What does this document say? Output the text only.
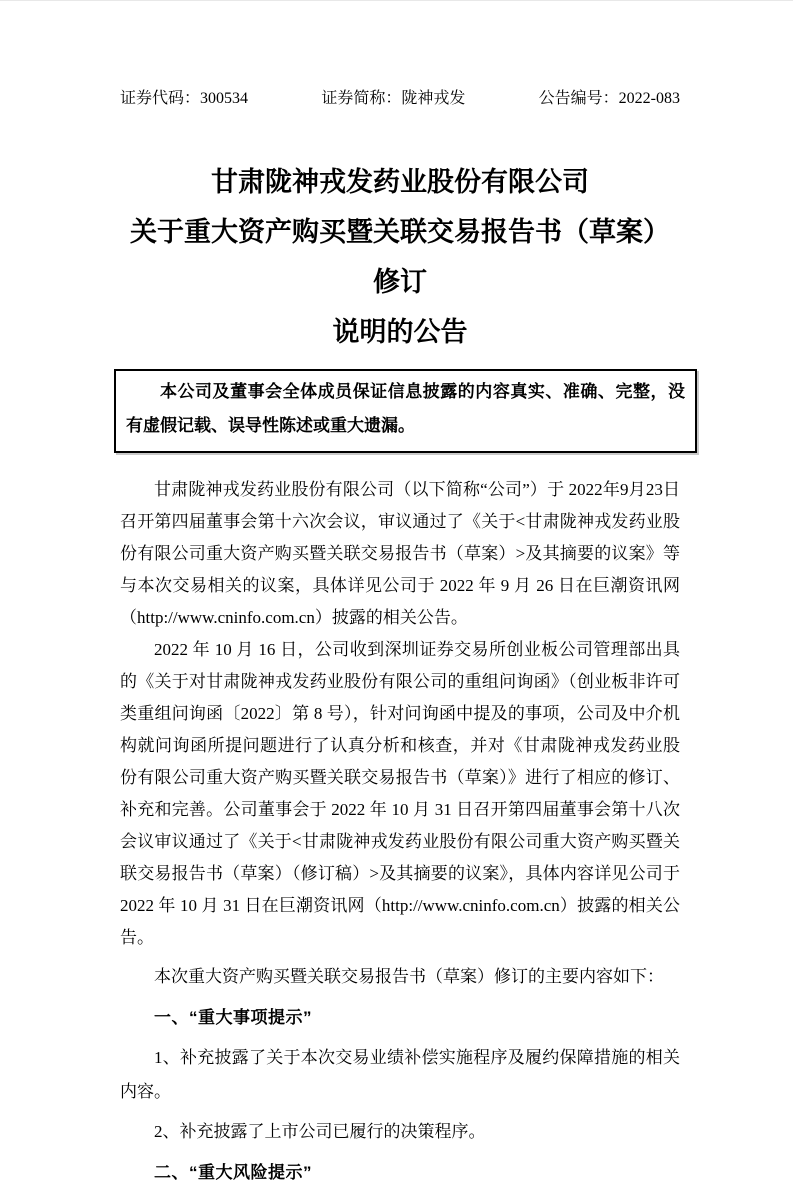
证券代码：300534	证券简称：陇神戎发	公告编号：2022-083
甘肃陇神戎发药业股份有限公司
关于重大资产购买暨关联交易报告书（草案）修订
说明的公告
本公司及董事会全体成员保证信息披露的内容真实、准确、完整，没有虚假记载、误导性陈述或重大遗漏。

甘肃陇神戎发药业股份有限公司（以下简称“公司”）于 2022年9月23日召开第四届董事会第十六次会议，审议通过了《关于<甘肃陇神戎发药业股份有限公司重大资产购买暨关联交易报告书（草案）>及其摘要的议案》等与本次交易相关的议案，具体详见公司于 2022 年 9 月 26 日在巨潮资讯网（http://www.cninfo.com.cn）披露的相关公告。

2022 年 10 月 16 日，公司收到深圳证券交易所创业板公司管理部出具的《关于对甘肃陇神戎发药业股份有限公司的重组问询函》（创业板非许可类重组问询函〔2022〕第 8 号），针对问询函中提及的事项，公司及中介机构就问询函所提问题进行了认真分析和核查，并对《甘肃陇神戎发药业股份有限公司重大资产购买暨关联交易报告书（草案）》进行了相应的修订、补充和完善。公司董事会于 2022 年 10 月 31 日召开第四届董事会第十八次会议审议通过了《关于<甘肃陇神戎发药业股份有限公司重大资产购买暨关联交易报告书（草案）（修订稿）>及其摘要的议案》，具体内容详见公司于 2022 年 10 月 31 日在巨潮资讯网（http://www.cninfo.com.cn）披露的相关公告。

本次重大资产购买暨关联交易报告书（草案）修订的主要内容如下：

一、“重大事项提示”

1、补充披露了关于本次交易业绩补偿实施程序及履约保障措施的相关内容。

2、补充披露了上市公司已履行的决策程序。

二、“重大风险提示”
